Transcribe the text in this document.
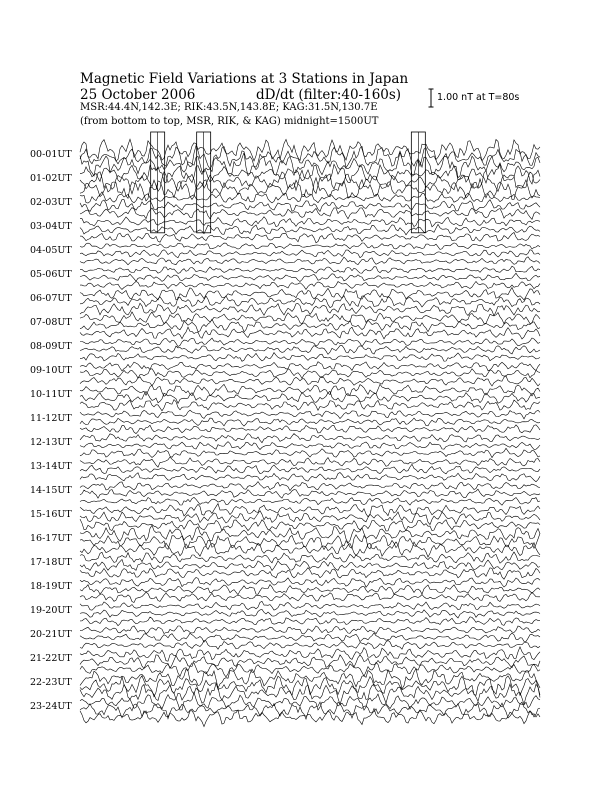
Magnetic Field Variations at 3 Stations in Japan
25 October 2006	dD/dt (filter:40-160s)
MSR:44.4N,142.3E; RIK:43.5N,143.8E; KAG:31.5N,130.7E
(from bottom to top, MSR, RIK, & KAG) midnight=1500UT
1.00 nT at T=80s
00-01UT
01-02UT
02-03UT
03-04UT
04-05UT
05-06UT
06-07UT
07-08UT
08-09UT
09-10UT
10-11UT
11-12UT
12-13UT
13-14UT
14-15UT
15-16UT
16-17UT
17-18UT
18-19UT
19-20UT
20-21UT
21-22UT
22-23UT
23-24UT
